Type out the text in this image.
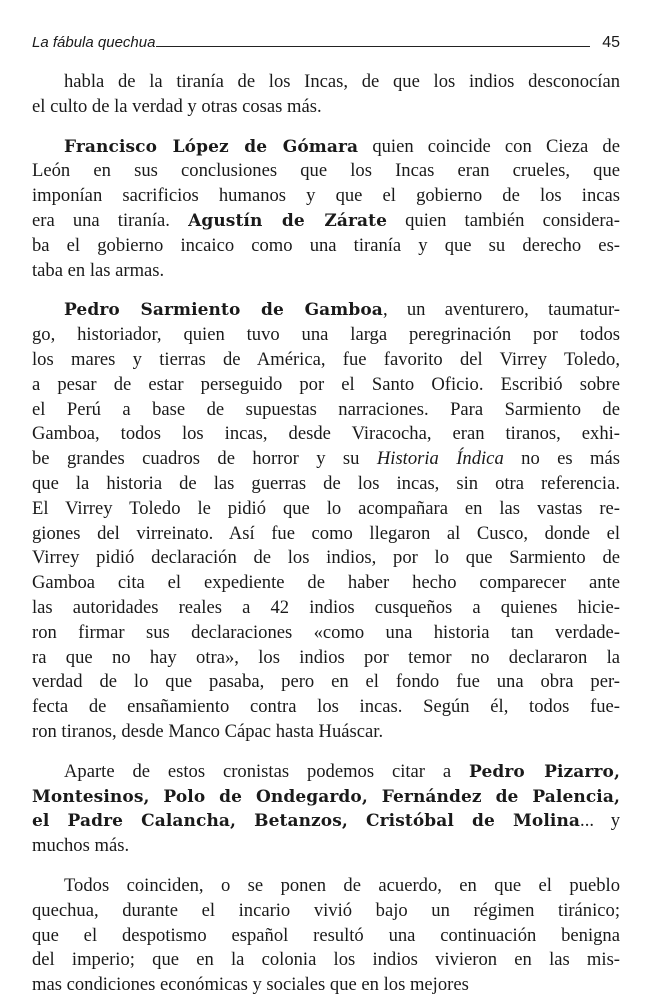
La fábula quechua	45
habla de la tiranía de los Incas, de que los indios desconocían
el culto de la verdad y otras cosas más.
Francisco López de Gómara quien coincide con Cieza de
León en sus conclusiones que los Incas eran crueles, que
imponían sacrificios humanos y que el gobierno de los incas
era una tiranía. Agustín de Zárate quien también considera-
ba el gobierno incaico como una tiranía y que su derecho es-
taba en las armas.
Pedro Sarmiento de Gamboa, un aventurero, taumatur-
go, historiador, quien tuvo una larga peregrinación por todos
los mares y tierras de América, fue favorito del Virrey Toledo,
a pesar de estar perseguido por el Santo Oficio. Escribió sobre
el Perú a base de supuestas narraciones. Para Sarmiento de
Gamboa, todos los incas, desde Viracocha, eran tiranos, exhi-
be grandes cuadros de horror y su Historia Índica no es más
que la historia de las guerras de los incas, sin otra referencia.
El Virrey Toledo le pidió que lo acompañara en las vastas re-
giones del virreinato. Así fue como llegaron al Cusco, donde el
Virrey pidió declaración de los indios, por lo que Sarmiento de
Gamboa cita el expediente de haber hecho comparecer ante
las autoridades reales a 42 indios cusqueños a quienes hicie-
ron firmar sus declaraciones «como una historia tan verdade-
ra que no hay otra», los indios por temor no declararon la
verdad de lo que pasaba, pero en el fondo fue una obra per-
fecta de ensañamiento contra los incas. Según él, todos fue-
ron tiranos, desde Manco Cápac hasta Huáscar.
Aparte de estos cronistas podemos citar a Pedro Pizarro,
Montesinos, Polo de Ondegardo, Fernández de Palencia,
el Padre Calancha, Betanzos, Cristóbal de Molina... y
muchos más.
Todos coinciden, o se ponen de acuerdo, en que el pueblo
quechua, durante el incario vivió bajo un régimen tiránico;
que el despotismo español resultó una continuación benigna
del imperio; que en la colonia los indios vivieron en las mis-
mas condiciones económicas y sociales que en los mejores
